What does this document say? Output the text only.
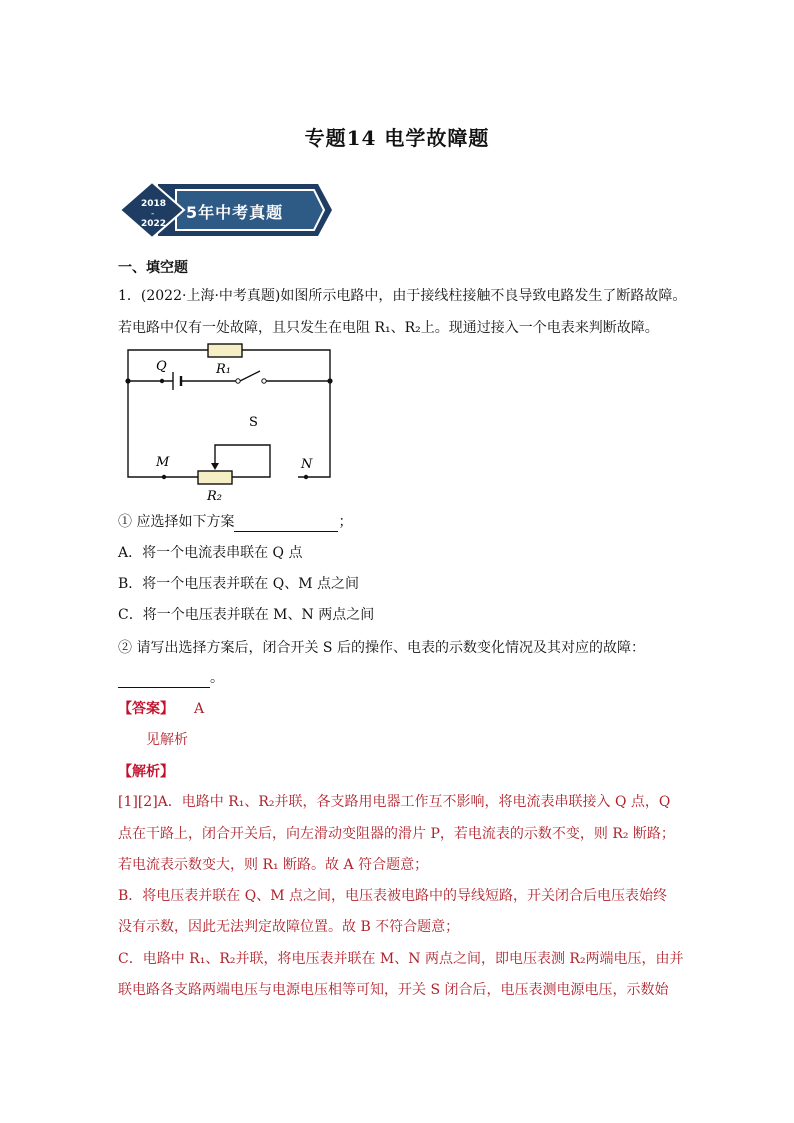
专题14 电学故障题
2018
-
2022
5年中考真题
一、填空题
1．(2022·上海·中考真题)如图所示电路中，由于接线柱接触不良导致电路发生了断路故障。
若电路中仅有一处故障，且只发生在电阻 R₁、R₂上。现通过接入一个电表来判断故障。
R₁
Q
S
M	N
R₂
① 应选择如下方案	；
A．将一个电流表串联在 Q 点
B．将一个电压表并联在 Q、M 点之间
C．将一个电压表并联在 M、N 两点之间
② 请写出选择方案后，闭合开关 S 后的操作、电表的示数变化情况及其对应的故障：
。
【答案】 A
见解析
【解析】
[1][2]A．电路中 R₁、R₂并联，各支路用电器工作互不影响，将电流表串联接入 Q 点，Q
点在干路上，闭合开关后，向左滑动变阻器的滑片 P，若电流表的示数不变，则 R₂ 断路；
若电流表示数变大，则 R₁ 断路。故 A 符合题意；
B．将电压表并联在 Q、M 点之间，电压表被电路中的导线短路，开关闭合后电压表始终
没有示数，因此无法判定故障位置。故 B 不符合题意；
C．电路中 R₁、R₂并联，将电压表并联在 M、N 两点之间，即电压表测 R₂两端电压，由并
联电路各支路两端电压与电源电压相等可知，开关 S 闭合后，电压表测电源电压，示数始
